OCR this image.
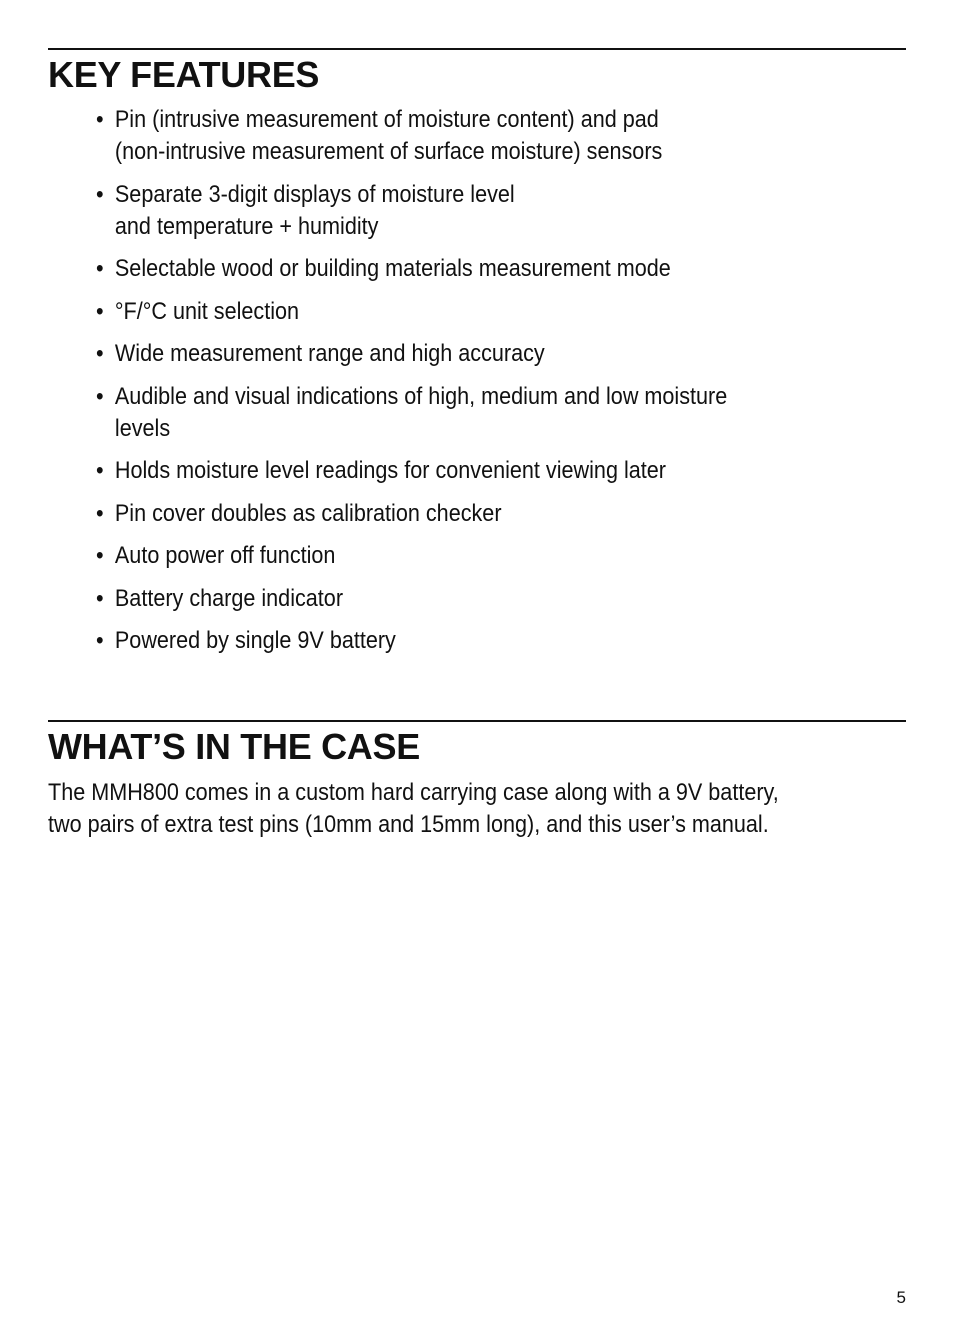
KEY FEATURES
• Pin (intrusive measurement of moisture content) and pad
(non-intrusive measurement of surface moisture) sensors
• Separate 3-digit displays of moisture level
and temperature + humidity
• Selectable wood or building materials measurement mode
• °F/°C unit selection
• Wide measurement range and high accuracy
• Audible and visual indications of high, medium and low moisture
levels
• Holds moisture level readings for convenient viewing later
• Pin cover doubles as calibration checker
• Auto power off function
• Battery charge indicator
• Powered by single 9V battery
WHAT’S IN THE CASE

The MMH800 comes in a custom hard carrying case along with a 9V battery,
two pairs of extra test pins (10mm and 15mm long), and this user’s manual.

5
